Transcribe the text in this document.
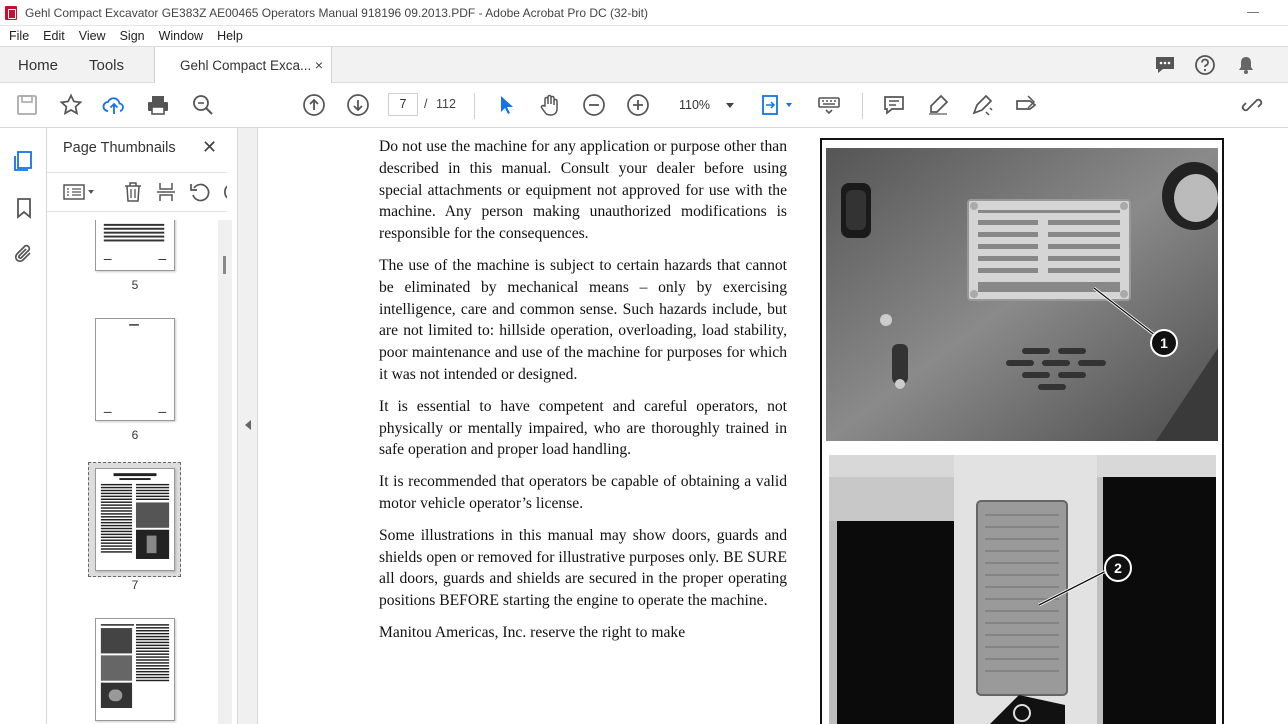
Gehl Compact Excavator GE383Z AE00465 Operators Manual 918196 09.2013.PDF - Adobe Acrobat Pro DC (32-bit)
File	Edit	View	Sign	Window	Help
Home Tools	Gehl Compact Exca... ×
7	/ 112	110%
Page Thumbnails ✕
5
6
7

Do not use the machine for any application or purpose other than described in this manual. Consult your dealer before using special attachments or equipment not approved for use with the machine. Any person making unauthorized modifications is responsible for the consequences.

The use of the machine is subject to certain hazards that cannot be eliminated by mechanical means – only by exercising intelligence, care and common sense. Such hazards include, but are not limited to: hillside operation, overloading, load stability, poor maintenance and use of the machine for purposes for which it was not intended or designed.

It is essential to have competent and careful operators, not physically or mentally impaired, who are thoroughly trained in safe operation and proper load handling.

It is recommended that operators be capable of obtaining a valid motor vehicle operator’s license.

Some illustrations in this manual may show doors, guards and shields open or removed for illustrative purposes only. BE SURE all doors, guards and shields are secured in the proper operating positions BEFORE starting the engine to operate the machine.

Manitou Americas, Inc. reserve the right to make

1
2
